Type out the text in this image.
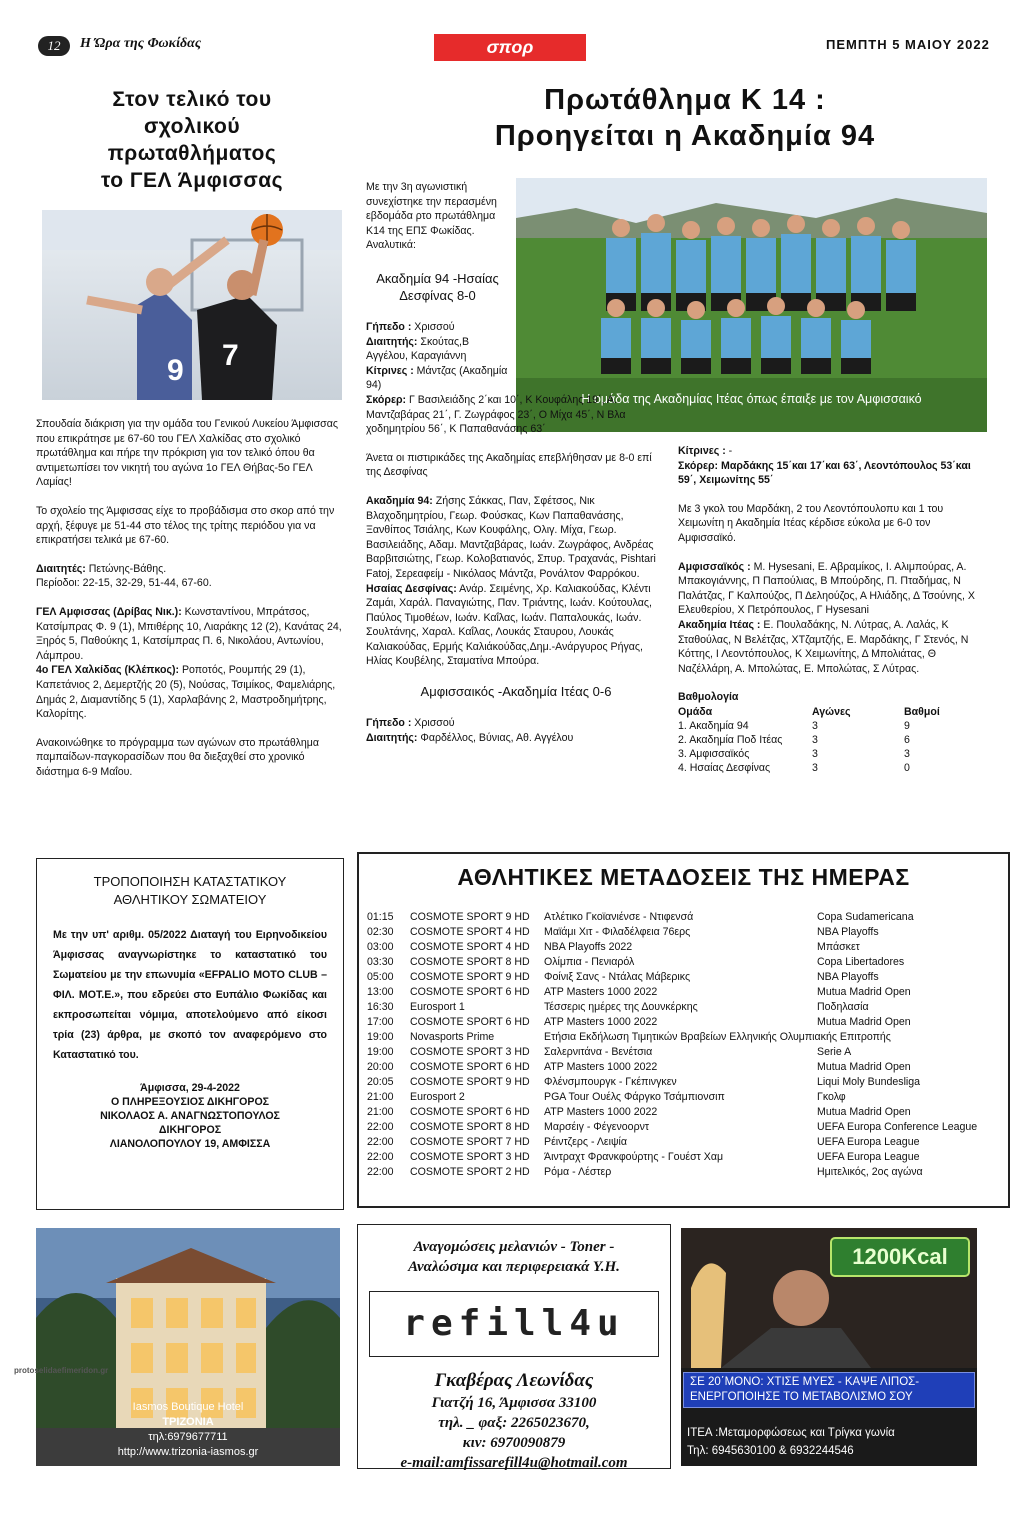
12	Η Ώρα της Φωκίδας	σπορ	ΠΕΜΠΤΗ 5 ΜΑΙΟΥ 2022
Στον τελικό του
σχολικού
πρωταθλήματος
το ΓΕΛ Άμφισσας
9 7
Σπουδαία διάκριση για την ομάδα του Γενικού Λυκείου Άμφισσας που επικράτησε με 67-60 του ΓΕΛ Χαλκίδας στο σχολικό πρωτάθλημα και πήρε την πρόκριση για τον τελικό όπου θα αντιμετωπίσει τον νικητή του αγώνα 1ο ΓΕΛ Θήβας-5ο ΓΕΛ Λαμίας!
Το σχολείο της Άμφισσας είχε το προβάδισμα στο σκορ από την αρχή, ξέφυγε με 51-44 στο τέλος της τρίτης περιόδου για να επικρατήσει τελικά με 67-60.
Διαιτητές: Πετώνης-Βάθης.
Περίοδοι: 22-15, 32-29, 51-44, 67-60.
ΓΕΛ Αμφισσας (Δρίβας Νικ.): Κωνσταντίνου, Μπράτσος, Κατσίμπρας Φ. 9 (1), Μπιθέρης 10, Λιαράκης 12 (2), Κανάτας 24, Ξηρός 5, Παθούκης 1, Κατσίμπρας Π. 6, Νικολάου, Αντωνίου, Λάμπρου.
4ο ΓΕΛ Χαλκίδας (Κλέπκος): Ροποτός, Ρουμπής 29 (1), Καπετάνιος 2, Δεμερτζής 20 (5), Νούσας, Τσιμίκος, Φαμελιάρης, Δημάς 2, Διαμαντίδης 5 (1), Χαρλαβάνης 2, Μαστροδημήτρης, Καλορίτης.
Ανακοινώθηκε το πρόγραμμα των αγώνων στο πρωτάθλημα παμπαίδων-παγκορασίδων που θα διεξαχθεί στο χρονικό διάστημα 6-9 Μαΐου.
Πρωτάθλημα Κ 14 :
Προηγείται η Ακαδημία 94
Με την 3η αγωνιστική συνεχίστηκε την περασμένη εβδομάδα ρτο πρωτάθλημα Κ14 της ΕΠΣ Φωκίδας. Αναλυτικά:
Ακαδημία 94 -Ησαίας
Δεσφίνας 8-0
Η ομάδα της Ακαδημίας Ιτέας όπως έπαιξε με τον Αμφισσαικό
Γήπεδο : Χρισσού
Διαιτητής: Σκούτας,Β Αγγέλου, Καραγιάννη
Κίτρινες : Μάντζας (Ακαδημία 94)
Σκόρερ: Γ Βασιλειάδης 2΄και 10΄, Κ Κουφάλης 19΄, Α. Μαντζαβάρας 21΄, Γ. Ζωγράφος 23΄, Ο Μίχα 45΄, Ν Βλα χοδημητρίου 56΄, Κ Παπαθανάσης 63΄
Άνετα οι πιστιρικάδες της Ακαδημίας επεβλήθησαν με 8-0 επί της Δεσφίνας
Ακαδημία 94: Ζήσης Σάκκας, Παν, Σφέτσος, Νικ Βλαχοδημητρίου, Γεωρ. Φούσκας, Κων Παπαθανάσης, Ξανθίπος Τσιάλης, Κων Κουφάλης, Ολιγ. Μίχα, Γεωρ. Βασιλειάδης, Αδαμ. Μαντζαβάρας, Ιωάν. Ζωγράφος, Ανδρέας Βαρβιτσιώτης, Γεωρ. Κολοβατιανός, Σπυρ. Τραχανάς, Pishtari Fatoj, Σερεαφείμ - Νικόλαος Μάντζα, Ρονάλτον Φαρρόκου.
Ησαίας Δεσφίνας: Ανάρ. Σειμένης, Χρ. Καλιακούδας, Κλέντι Ζαμάι, Χαράλ. Παναγιώτης, Παν. Τριάντης, Ιωάν. Κούτουλας, Παύλος Τιμοθέων, Ιωάν. Καΐλας, Ιωάν. Παπαλουκάς, Ιωάν. Σουλτάνης, Χαραλ. Καΐλας, Λουκάς Σταυρου, Λουκάς Καλιακούδας, Ερμής Καλιάκούδας,Δημ.-Ανάργυρος Ρήγας, Ηλίας Κουβέλης, Σταματίνα Μπούρα.
Αμφισσαικός -Ακαδημία Ιτέας 0-6
Γήπεδο : Χρισσού
Διαιτητής: Φαρδέλλος, Βύνιας, Αθ. Αγγέλου
Κίτρινες : -
Σκόρερ: Μαρδάκης 15΄και 17΄και 63΄, Λεοντόπουλος 53΄και 59΄, Χειμωνίτης 55΄
Με 3 γκολ του Μαρδάκη, 2 του Λεοντόπουλοπυ και 1 του Χειμωνίτη η Ακαδημία Ιτέας κέρδισε εύκολα με 6-0 τον Αμφισσαϊκό.
Αμφισσαϊκός : Μ. Hysesani, Ε. Αβραμίκος, Ι. Αλιμπούρας, Α. Μπακογιάννης, Π Παπούλιας, Β Μπούρδης, Π. Πταδήμας, Ν Παλάτζας, Γ Καλπούζος, Π Δεληούζος, Α Ηλιάδης, Δ Τσούνης, Χ Ελευθερίου, Χ Πετρόπουλος, Γ Hysesani
Ακαδημία Ιτέας : Ε. Πουλαδάκης, Ν. Λύτρας, Α. Λαλάς, Κ Σταθούλας, Ν Βελέτζας, ΧΤζαμτζής, Ε. Μαρδάκης, Γ Στενός, Ν Κόττης, Ι Λεοντόπουλος, Κ Χειμωνίτης, Δ Μπολιάτας, Θ Ναζέλλάρη, Α. Μπολώτας, Ε. Μπολώτας, Σ Λύτρας.
Βαθμολογία
Ομάδα	Αγώνες	Βαθμοί
1. Ακαδημία 94	3	9
2. Ακαδημία Ποδ Ιτέας	3	6
3. Αμφισσαϊκός	3	3
4. Ησαίας Δεσφίνας	3	0
ΤΡΟΠΟΠΟΙΗΣΗ ΚΑΤΑΣΤΑΤΙΚΟΥ
ΑΘΛΗΤΙΚΟΥ ΣΩΜΑΤΕΙΟΥ
Με την υπ' αριθμ. 05/2022 Διαταγή του Ειρηνοδικείου Άμφισσας αναγνωρίστηκε το καταστατικό του Σωματείου με την επωνυμία «EFPALIO MOTO CLUB – ΦΙΛ. ΜΟΤ.Ε.», που εδρεύει στο Ευπάλιο Φωκίδας και εκπροσωπείται νόμιμα, αποτελούμενο από είκοσι τρία (23) άρθρα, με σκοπό τον αναφερόμενο στο Καταστατικό του.
Άμφισσα, 29-4-2022
Ο ΠΛΗΡΕΞΟΥΣΙΟΣ ΔΙΚΗΓΟΡΟΣ
ΝΙΚΟΛΑΟΣ Α. ΑΝΑΓΝΩΣΤΟΠΟΥΛΟΣ
ΔΙΚΗΓΟΡΟΣ
ΛΙΑΝΟΛΟΠΟΥΛΟΥ 19, ΑΜΦΙΣΣΑ
ΑΘΛΗΤΙΚΕΣ ΜΕΤΑΔΟΣΕΙΣ ΤΗΣ ΗΜΕΡΑΣ
01:15	COSMOTE SPORT 9 HD	Ατλέτικο Γκοϊανιένσε - Ντιφενσά	Copa Sudamericana
02:30	COSMOTE SPORT 4 HD	Μαϊάμι Χιτ - Φιλαδέλφεια 76ερς	NBA Playoffs
03:00	COSMOTE SPORT 4 HD	NBA Playoffs 2022	Μπάσκετ
03:30	COSMOTE SPORT 8 HD	Ολίμπια - Πενιαρόλ	Copa Libertadores
05:00	COSMOTE SPORT 9 HD	Φοίνιξ Σανς - Ντάλας Μάβερικς	NBA Playoffs
13:00	COSMOTE SPORT 6 HD	ATP Masters 1000 2022	Mutua Madrid Open
16:30	Eurosport 1	Τέσσερις ημέρες της Δουνκέρκης	Ποδηλασία
17:00	COSMOTE SPORT 6 HD	ATP Masters 1000 2022	Mutua Madrid Open
19:00	Novasports Prime	Ετήσια Εκδήλωση Τιμητικών Βραβείων Ελληνικής Ολυμπιακής Επιτροπής
19:00	COSMOTE SPORT 3 HD	Σαλερνιτάνα - Βενέτσια	Serie A
20:00	COSMOTE SPORT 6 HD	ATP Masters 1000 2022	Mutua Madrid Open
20:05	COSMOTE SPORT 9 HD	Φλένσμπουργκ - Γκέπινγκεν	Liqui Moly Bundesliga
21:00	Eurosport 2	PGA Tour Ουέλς Φάργκο Τσάμπιονσιπ	Γκολφ
21:00	COSMOTE SPORT 6 HD	ATP Masters 1000 2022	Mutua Madrid Open
22:00	COSMOTE SPORT 8 HD	Μαρσέιγ - Φέγενοορντ	UEFA Europa Conference League
22:00	COSMOTE SPORT 7 HD	Ρέιντζερς - Λειψία	UEFA Europa League
22:00	COSMOTE SPORT 3 HD	Άιντραχτ Φρανκφούρτης - Γουέστ Χαμ	UEFA Europa League
22:00	COSMOTE SPORT 2 HD	Ρόμα - Λέστερ	Ημιτελικός, 2ος αγώνα
Iasmos Boutique Hotel
ΤΡΙΖΟΝΙΑ
τηλ:6979677711
http://www.trizonia-iasmos.gr
Αναγομώσεις μελανιών - Toner -
Αναλώσιμα και περιφερειακά Υ.Η.
refill4u
Γκαβέρας Λεωνίδας
Γιατζή 16, Άμφισσα 33100
τηλ. _ φαξ: 2265023670,
κιν: 6970090879
e-mail:amfissarefill4u@hotmail.com
1200Kcal
ΣΕ 20΄ΜΟΝΟ: ΧΤΙΣΕ ΜΥΕΣ - ΚΑΨΕ ΛΙΠΟΣ-ΕΝΕΡΓΟΠΟΙΗΣΕ ΤΟ ΜΕΤΑΒΟΛΙΣΜΟ ΣΟΥ
ΙΤΕΑ :Μεταμορφώσεως και Τρίγκα γωνία
Τηλ: 6945630100 & 6932244546
protoselidaefimeridon.gr
